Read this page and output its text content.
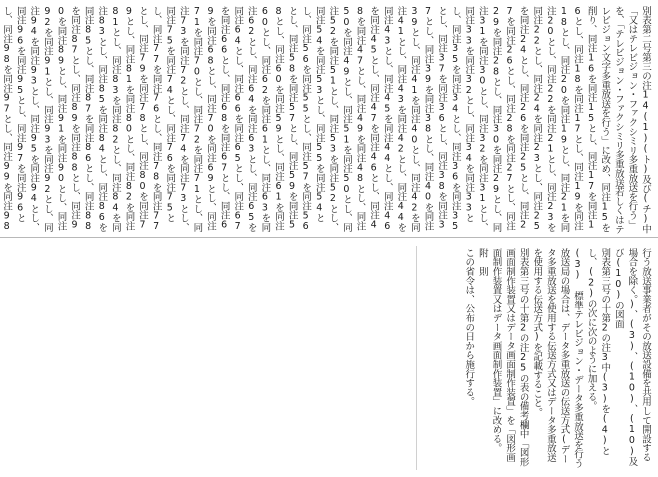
別表第二号第三の注14(1)(ト)及び(チ)中「又はテレビジョン・ファクシミリ多重放送を行う」を、「テレビジョン・ファクシミリ多重放送若しくはテレビジョン文字多重放送を行う」に改め、同注15を削り、同注16を同注15とし、同注17を同注16とし、同注18を同注17とし、同注19を同注18とし、同注20を同注19とし、同注21を同注20とし、同注22を同注21とし、同注23を同注22とし、同注24を同注23とし、同注25を同注24とし、同注26を同注25とし、同注27を同注26とし、同注28を同注27とし、同注29を同注28とし、同注30を同注29とし、同注31を同注30とし、同注32を同注31とし、同注33を同注32とし、同注34を同注33とし、同注35を同注34とし、同注36を同注35とし、同注37を同注36とし、同注38を同注37とし、同注39を同注38とし、同注40を同注39とし、同注41を同注40とし、同注42を同注41とし、同注43を同注42とし、同注44を同注43とし、同注45を同注44とし、同注46を同注45とし、同注47を同注46とし、同注48を同注47とし、同注49を同注48とし、同注50を同注49とし、同注51を同注50とし、同注52を同注51とし、同注53を同注52とし、同注54を同注53とし、同注55を同注54とし、同注56を同注55とし、同注57を同注56とし、同注58を同注57とし、同注59を同注58とし、同注60を同注59とし、同注61を同注60とし、同注62を同注61とし、同注63を同注62とし、同注64を同注63とし、同注65を同注64とし、同注66を同注65とし、同注67を同注66とし、同注68を同注67とし、同注69を同注68とし、同注70を同注69とし、同注71を同注70とし、同注72を同注71とし、同注73を同注72とし、同注74を同注73とし、同注75を同注74とし、同注76を同注75とし、同注77を同注76とし、同注78を同注77とし、同注79を同注78とし、同注80を同注79とし、同注81を同注80とし、同注82を同注81とし、同注83を同注82とし、同注84を同注83とし、同注85を同注84とし、同注86を同注85とし、同注87を同注86とし、同注88を同注87とし、同注89を同注88とし、同注90を同注89とし、同注91を同注90とし、同注92を同注91とし、同注93を同注92とし、同注94を同注93とし、同注95を同注94とし、同注96を同注95とし、同注97を同注96とし、同注98を同注97とし、同注99を同注98

行う放送事業者がその放送設備を共用して開設する場合を除く。)、(3)、(10)、(10)及び(10)の図面

別表第三号の十第2の注3中(3)を(4)とし、(2)の次に次のように加える。

(3) 標準テレビジョン・データ多重放送を行う放送局の場合は、データ多重放送の伝送方式(データ多重放送を使用する伝送方式又はデータ多重放送を使用する伝送方式)を記載すること。

別表第三号の十第2の注25の表の備考欄中「図形画面制作装置又はデータ画面制作装置」を「図形画面制作装置又はデータ画面制作装置」に改める。

附　則

この省令は、公布の日から施行する。
